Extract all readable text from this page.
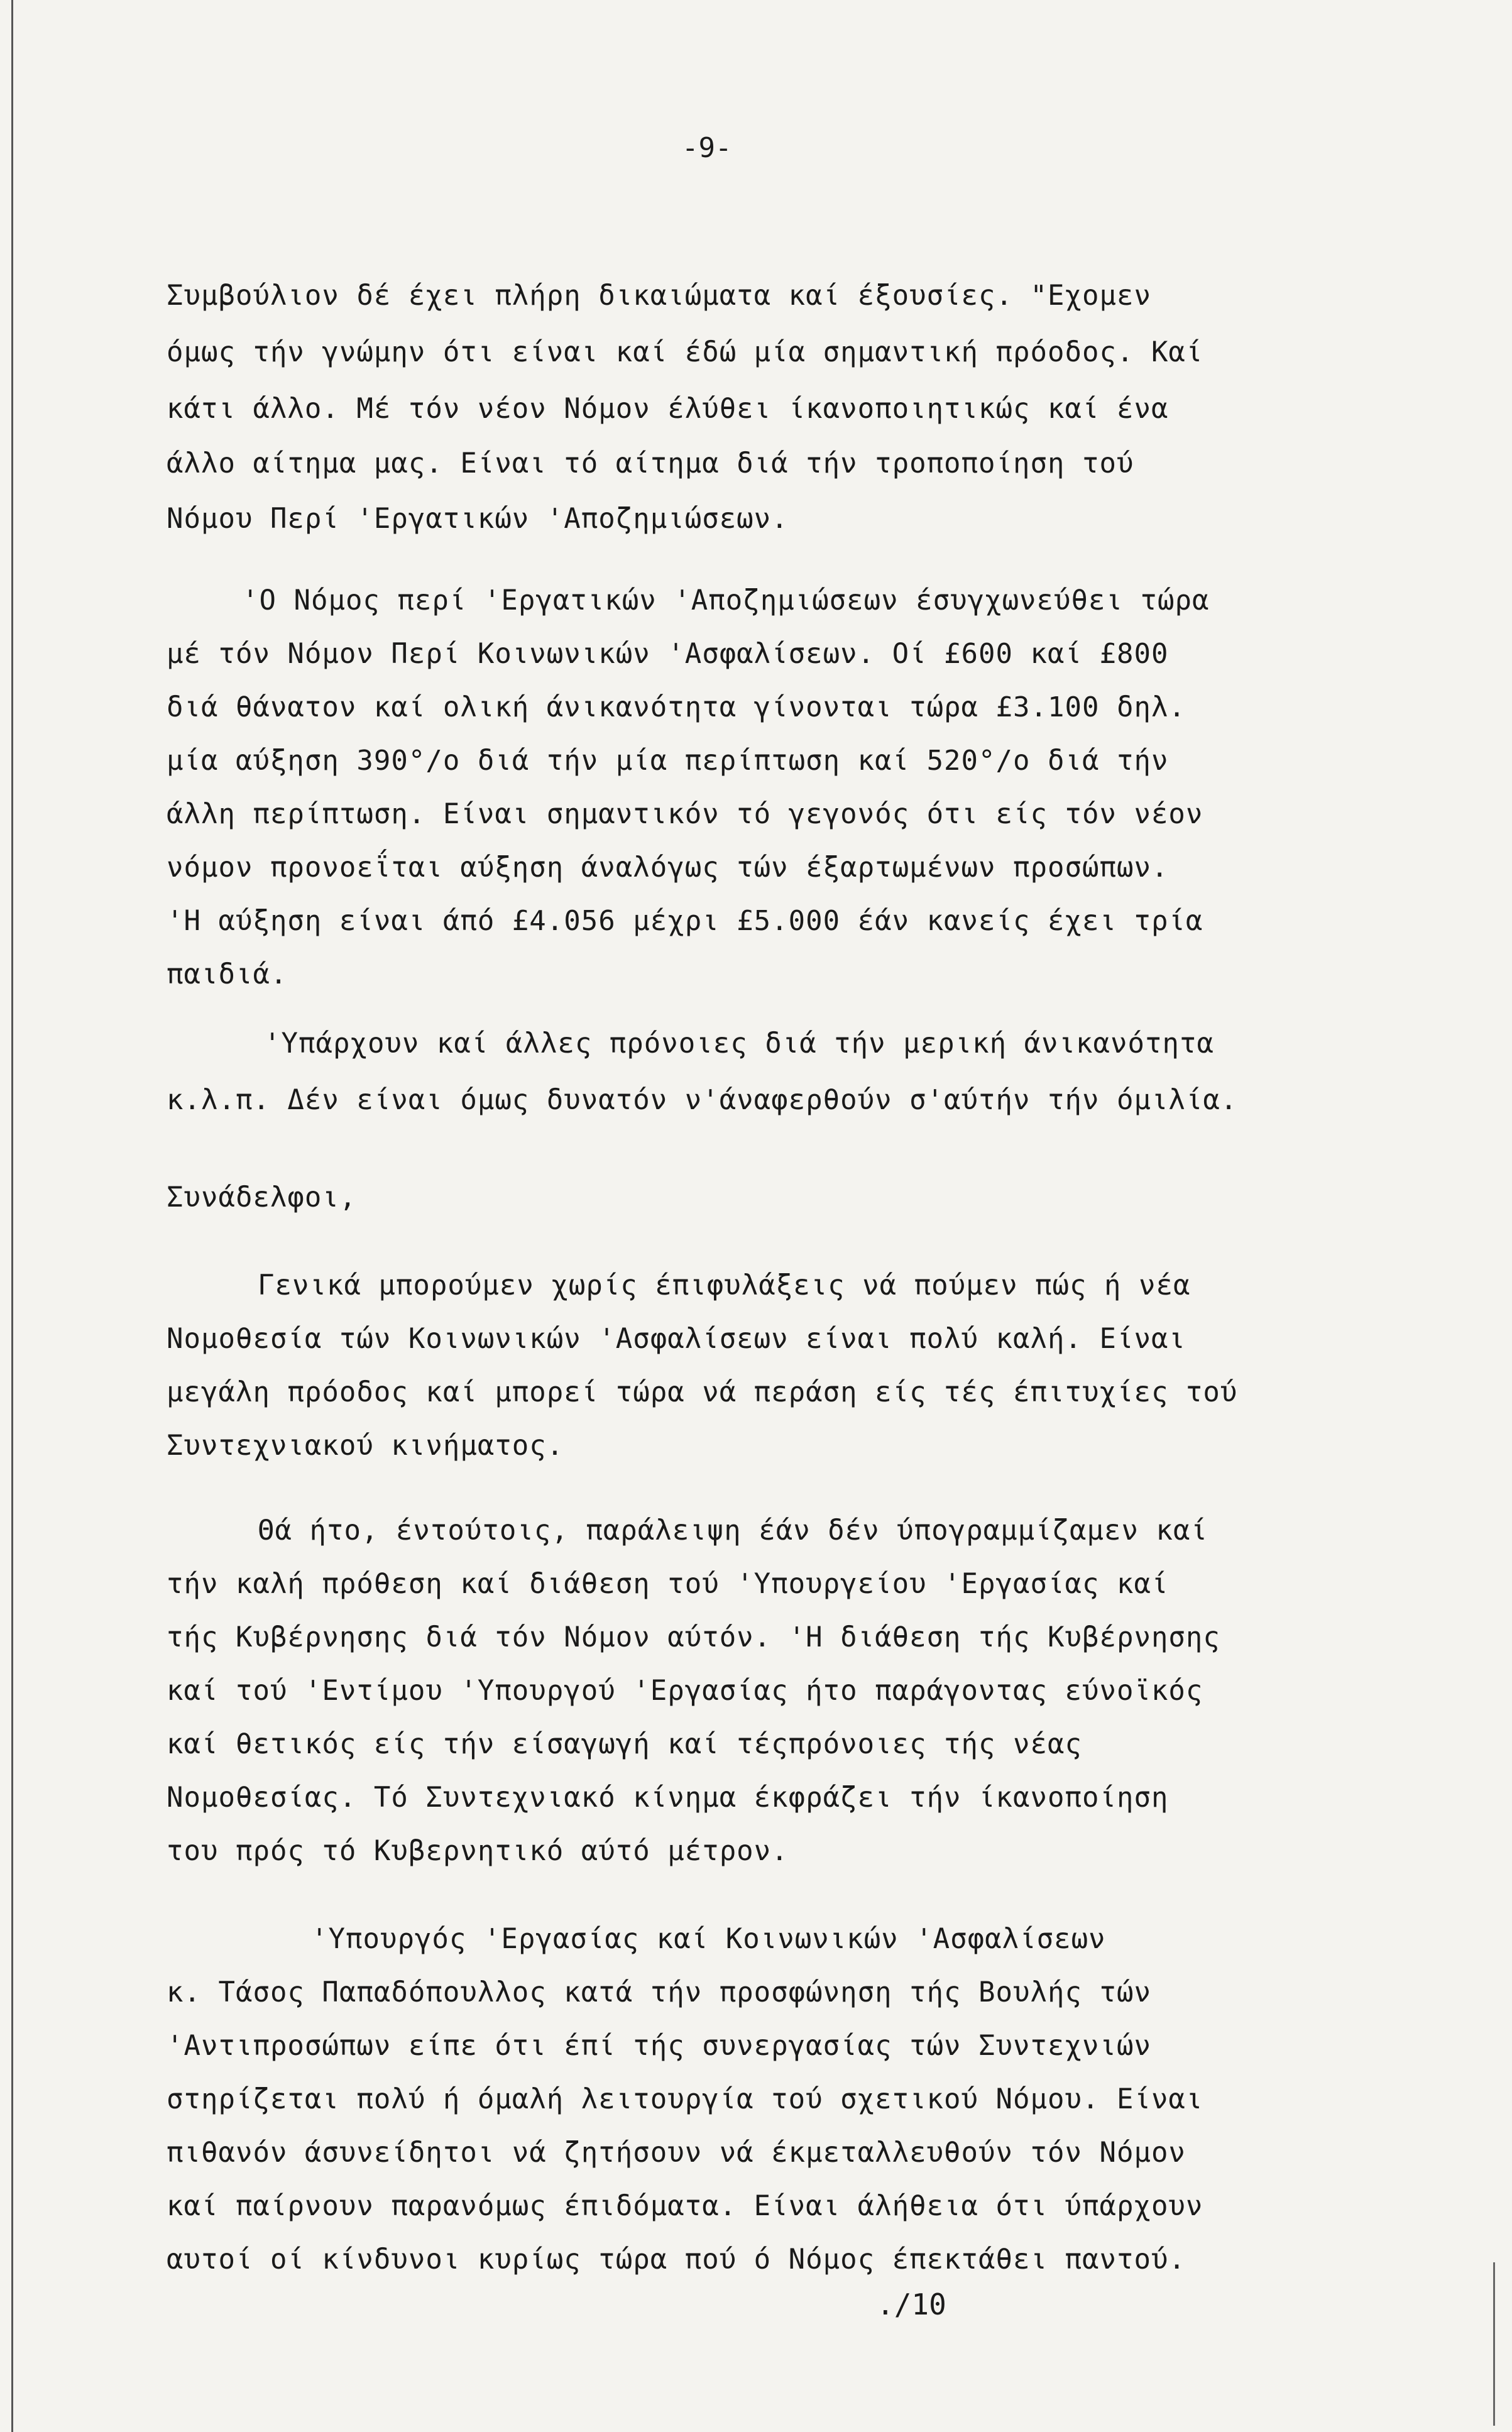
-9-
Συμβούλιον δέ έχει πλήρη δικαιώματα καί έξουσίες. "Εχομεν
όμως τήν γνώμην ότι είναι καί έδώ μία σημαντική πρόοδος. Καί
κάτι άλλο. Μέ τόν νέον Νόμον έλύθει ίκανοποιητικώς καί ένα
άλλο αίτημα μας. Είναι τό αίτημα διά τήν τροποποίηση τού
Νόμου Περί 'Εργατικών 'Αποζημιώσεων.
'Ο Νόμος περί 'Εργατικών 'Αποζημιώσεων έσυγχωνεύθει τώρα
μέ τόν Νόμον Περί Κοινωνικών 'Ασφαλίσεων. Οί £600 καί £800
διά θάνατον καί ολική άνικανότητα γίνονται τώρα £3.100 δηλ.
μία αύξηση 390°/ο διά τήν μία περίπτωση καί 520°/ο διά τήν
άλλη περίπτωση. Είναι σημαντικόν τό γεγονός ότι είς τόν νέον
νόμον προνοεΐται αύξηση άναλόγως τών έξαρτωμένων προσώπων.
'Η αύξηση είναι άπό £4.056 μέχρι £5.000 έάν κανείς έχει τρία
παιδιά.
'Υπάρχουν καί άλλες πρόνοιες διά τήν μερική άνικανότητα
κ.λ.π. Δέν είναι όμως δυνατόν ν'άναφερθούν σ'αύτήν τήν όμιλία.
Συνάδελφοι,
Γενικά μπορούμεν χωρίς έπιφυλάξεις νά πούμεν πώς ή νέα
Νομοθεσία τών Κοινωνικών 'Ασφαλίσεων είναι πολύ καλή. Είναι
μεγάλη πρόοδος καί μπορεί τώρα νά περάση είς τές έπιτυχίες τού
Συντεχνιακού κινήματος.
Θά ήτο, έντούτοις, παράλειψη έάν δέν ύπογραμμίζαμεν καί
τήν καλή πρόθεση καί διάθεση τού 'Υπουργείου 'Εργασίας καί
τής Κυβέρνησης διά τόν Νόμον αύτόν. 'Η διάθεση τής Κυβέρνησης
καί τού 'Εντίμου 'Υπουργού 'Εργασίας ήτο παράγοντας εύνοϊκός
καί θετικός είς τήν είσαγωγή καί τέςπρόνοιες τής νέας
Νομοθεσίας. Τό Συντεχνιακό κίνημα έκφράζει τήν ίκανοποίηση
του πρός τό Κυβερνητικό αύτό μέτρον.
'Υπουργός 'Εργασίας καί Κοινωνικών 'Ασφαλίσεων
κ. Τάσος Παπαδόπουλλος κατά τήν προσφώνηση τής Βουλής τών
'Αντιπροσώπων είπε ότι έπί τής συνεργασίας τών Συντεχνιών
στηρίζεται πολύ ή όμαλή λειτουργία τού σχετικού Νόμου. Είναι
πιθανόν άσυνείδητοι νά ζητήσουν νά έκμεταλλευθούν τόν Νόμον
καί παίρνουν παρανόμως έπιδόματα. Είναι άλήθεια ότι ύπάρχουν
αυτοί οί κίνδυνοι κυρίως τώρα πού ό Νόμος έπεκτάθει παντού.
./10
